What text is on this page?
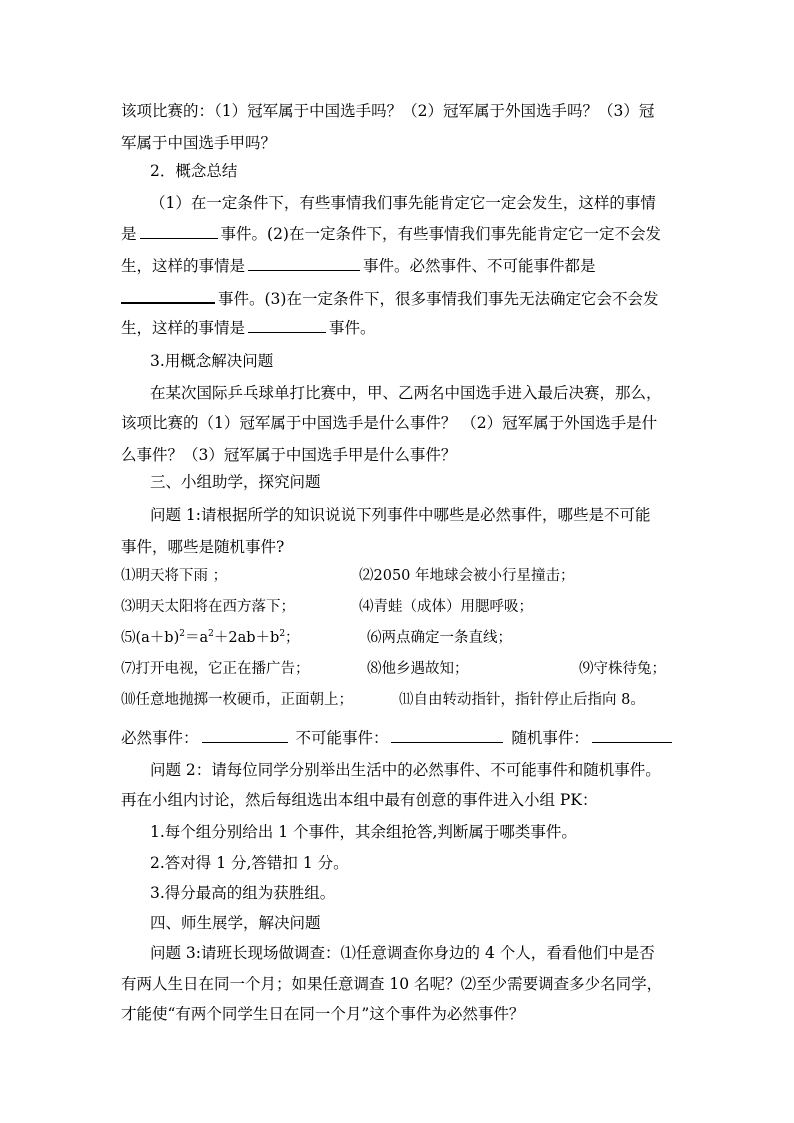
该项比赛的：（1）冠军属于中国选手吗？（2）冠军属于外国选手吗？（3）冠
军属于中国选手甲吗？
2．概念总结
（1）在一定条件下，有些事情我们事先能肯定它一定会发生，这样的事情
是	事件。(2)在一定条件下，有些事情我们事先能肯定它一定不会发
生，这样的事情是	事件。必然事件、不可能事件都是
事件。(3)在一定条件下，很多事情我们事先无法确定它会不会发
生，这样的事情是	事件。
3.用概念解决问题
在某次国际乒乓球单打比赛中，甲、乙两名中国选手进入最后决赛，那么，
该项比赛的（1）冠军属于中国选手是什么事件？ （2）冠军属于外国选手是什
么事件？（3）冠军属于中国选手甲是什么事件？
三、小组助学，探究问题
问题 1:请根据所学的知识说说下列事件中哪些是必然事件，哪些是不可能
事件，哪些是随机事件?
⑴明天将下雨 ；	⑵2050 年地球会被小行星撞击；
⑶明天太阳将在西方落下；	⑷青蛙（成体）用腮呼吸；
$⑸(a+b)^2=a^2+2ab+b^2$；	⑹两点确定一条直线；
⑺打开电视，它正在播广告；	⑻他乡遇故知；	⑼守株待兔；
⑽任意地抛掷一枚硬币，正面朝上；	⑾自由转动指针，指针停止后指向 8。
必然事件：	不可能事件：	随机事件：
问题 2：请每位同学分别举出生活中的必然事件、不可能事件和随机事件。
再在小组内讨论，然后每组选出本组中最有创意的事件进入小组 PK：
1.每个组分别给出 1 个事件，其余组抢答,判断属于哪类事件。
2.答对得 1 分,答错扣 1 分。
3.得分最高的组为获胜组。
四、师生展学，解决问题
问题 3:请班长现场做调查：⑴任意调查你身边的 4 个人，看看他们中是否
有两人生日在同一个月；如果任意调查 10 名呢？⑵至少需要调查多少名同学，
才能使“有两个同学生日在同一个月”这个事件为必然事件？
